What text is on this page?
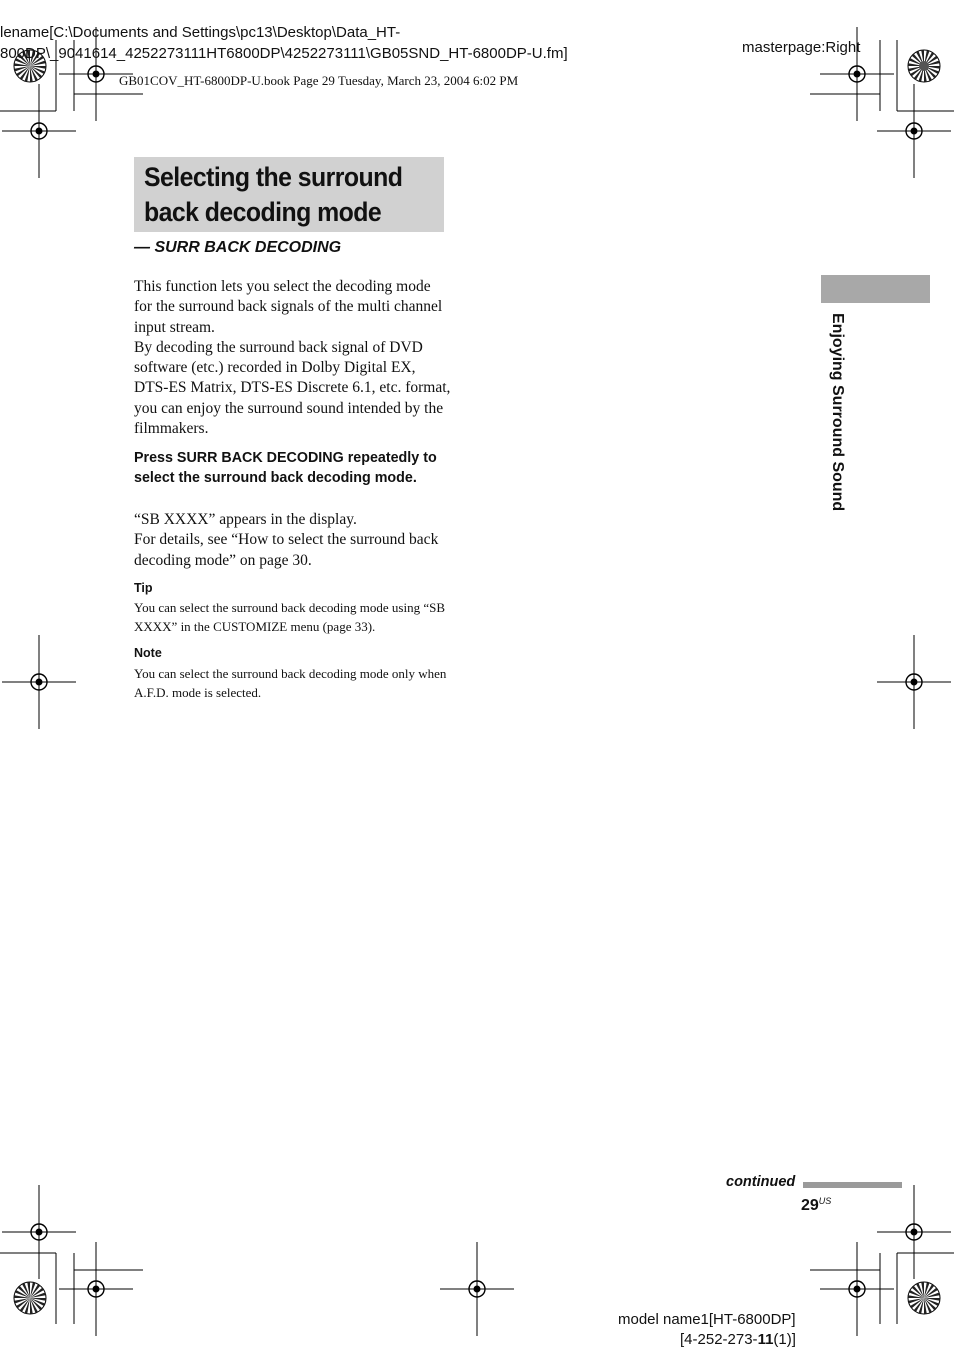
lename[C:\Documents and Settings\pc13\Desktop\Data_HT-
800DP\_9041614_4252273111HT6800DP\4252273111\GB05SND_HT-6800DP-U.fm]	masterpage:Right
GB01COV_HT-6800DP-U.book Page 29 Tuesday, March 23, 2004 6:02 PM
Selecting the surround
back decoding mode
— SURR BACK DECODING

This function lets you select the decoding mode for the surround back signals of the multi channel input stream.

By decoding the surround back signal of DVD software (etc.) recorded in Dolby Digital EX, DTS-ES Matrix, DTS-ES Discrete 6.1, etc. format, you can enjoy the surround sound intended by the filmmakers.

Press SURR BACK DECODING repeatedly to select the surround back decoding mode.

“SB XXXX” appears in the display.

For details, see “How to select the surround back decoding mode” on page 30.

Tip
You can select the surround back decoding mode using “SB XXXX” in the CUSTOMIZE menu (page 33).
Note
You can select the surround back decoding mode only when A.F.D. mode is selected.
Enjoying Surround Sound
continued
$29^{US}$
model name1[HT-6800DP]
[4-252-273-11(1)]
